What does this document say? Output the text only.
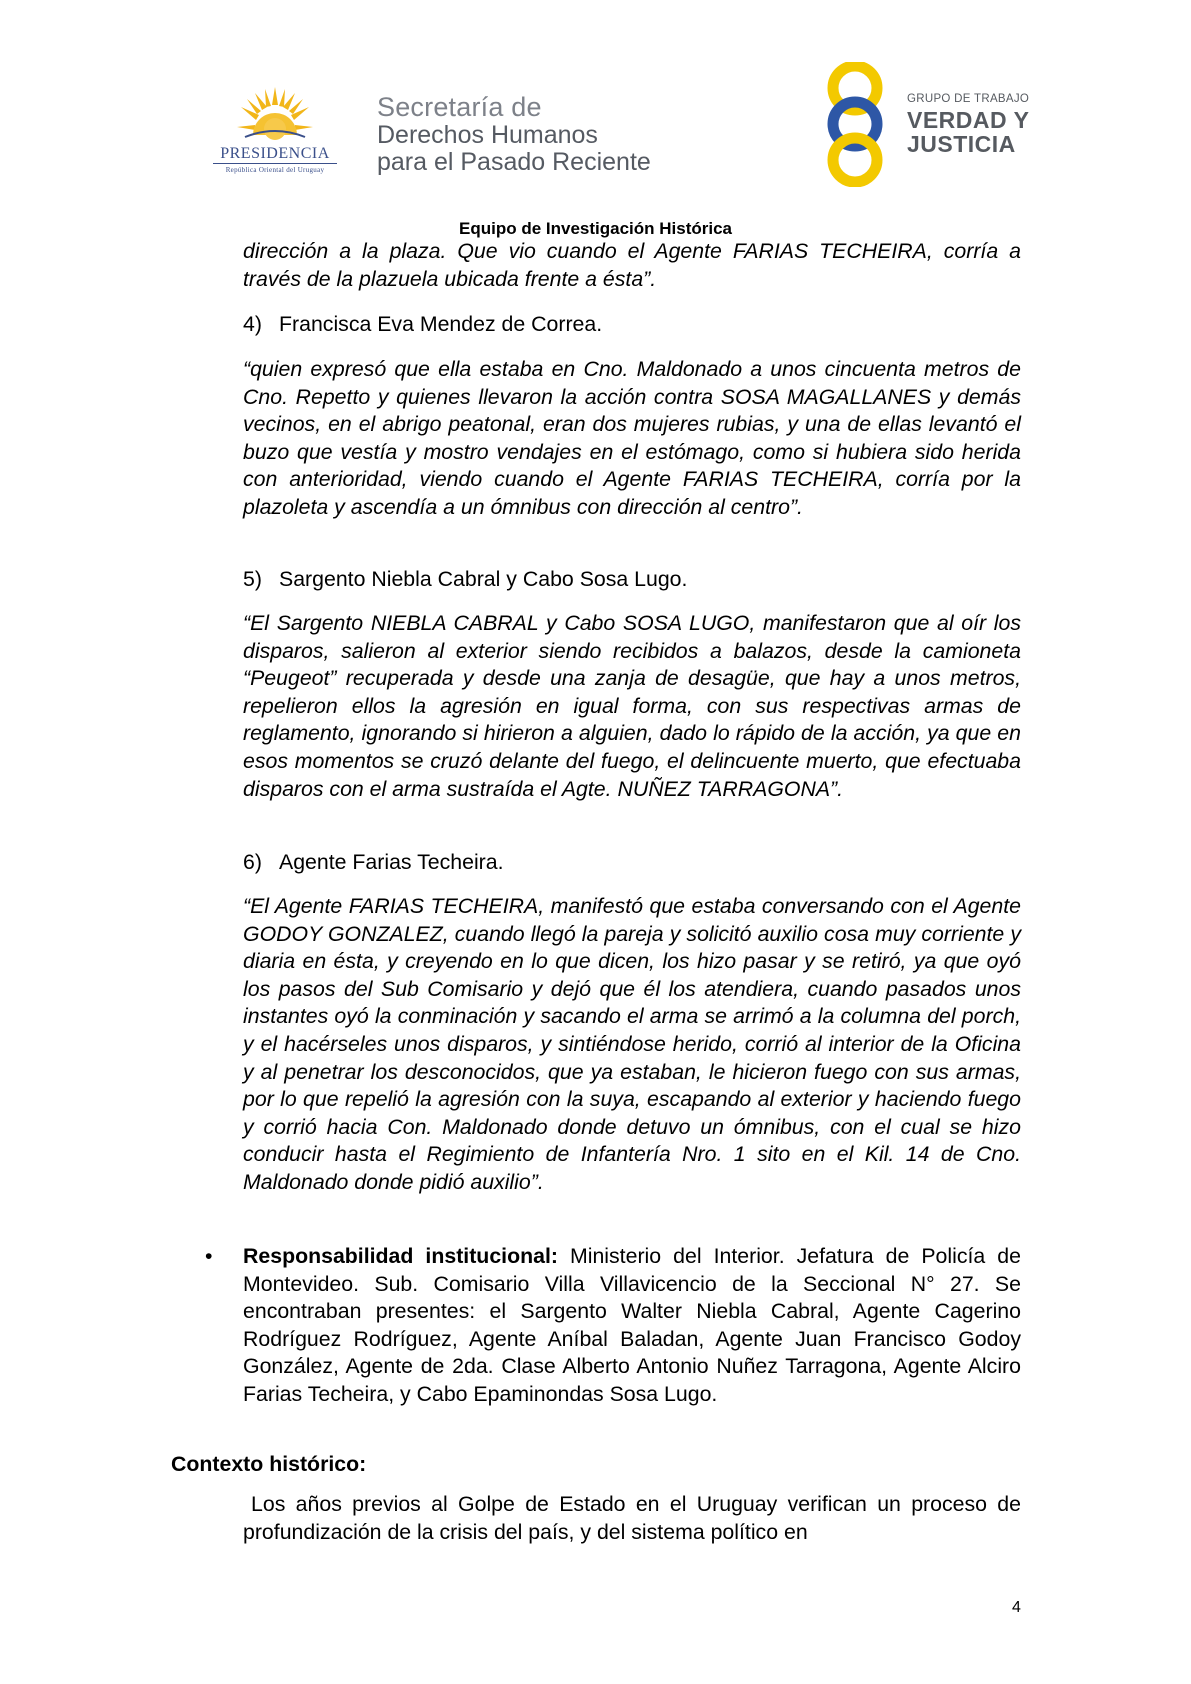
PRESIDENCIA
República Oriental del Uruguay
Secretaría de
Derechos Humanos
para el Pasado Reciente
GRUPO DE TRABAJO
VERDAD Y
JUSTICIA
Equipo de Investigación Histórica
dirección a la plaza. Que vio cuando el Agente FARIAS TECHEIRA, corría a través de la plazuela ubicada frente a ésta”.
4) Francisca Eva Mendez de Correa.
“quien expresó que ella estaba en Cno. Maldonado a unos cincuenta metros de Cno. Repetto y quienes llevaron la acción contra SOSA MAGALLANES y demás vecinos, en el abrigo peatonal, eran dos mujeres rubias, y una de ellas levantó el buzo que vestía y mostro vendajes en el estómago, como si hubiera sido herida con anterioridad, viendo cuando el Agente FARIAS TECHEIRA, corría por la plazoleta y ascendía a un ómnibus con dirección al centro”.
5) Sargento Niebla Cabral y Cabo Sosa Lugo.
“El Sargento NIEBLA CABRAL y Cabo SOSA LUGO, manifestaron que al oír los disparos, salieron al exterior siendo recibidos a balazos, desde la camioneta “Peugeot” recuperada y desde una zanja de desagüe, que hay a unos metros, repelieron ellos la agresión en igual forma, con sus respectivas armas de reglamento, ignorando si hirieron a alguien, dado lo rápido de la acción, ya que en esos momentos se cruzó delante del fuego, el delincuente muerto, que efectuaba disparos con el arma sustraída el Agte. NUÑEZ TARRAGONA”.
6) Agente Farias Techeira.
“El Agente FARIAS TECHEIRA, manifestó que estaba conversando con el Agente GODOY GONZALEZ, cuando llegó la pareja y solicitó auxilio cosa muy corriente y diaria en ésta, y creyendo en lo que dicen, los hizo pasar y se retiró, ya que oyó los pasos del Sub Comisario y dejó que él los atendiera, cuando pasados unos instantes oyó la conminación y sacando el arma se arrimó a la columna del porch, y el hacérseles unos disparos, y sintiéndose herido, corrió al interior de la Oficina y al penetrar los desconocidos, que ya estaban, le hicieron fuego con sus armas, por lo que repelió la agresión con la suya, escapando al exterior y haciendo fuego y corrió hacia Con. Maldonado donde detuvo un ómnibus, con el cual se hizo conducir hasta el Regimiento de Infantería Nro. 1 sito en el Kil. 14 de Cno. Maldonado donde pidió auxilio”.
• Responsabilidad institucional: Ministerio del Interior. Jefatura de Policía de Montevideo. Sub. Comisario Villa Villavicencio de la Seccional N° 27. Se encontraban presentes: el Sargento Walter Niebla Cabral, Agente Cagerino Rodríguez Rodríguez, Agente Aníbal Baladan, Agente Juan Francisco Godoy González, Agente de 2da. Clase Alberto Antonio Nuñez Tarragona, Agente Alciro Farias Techeira, y Cabo Epaminondas Sosa Lugo.
Contexto histórico:
Los años previos al Golpe de Estado en el Uruguay verifican un proceso de profundización de la crisis del país, y del sistema político en
4
